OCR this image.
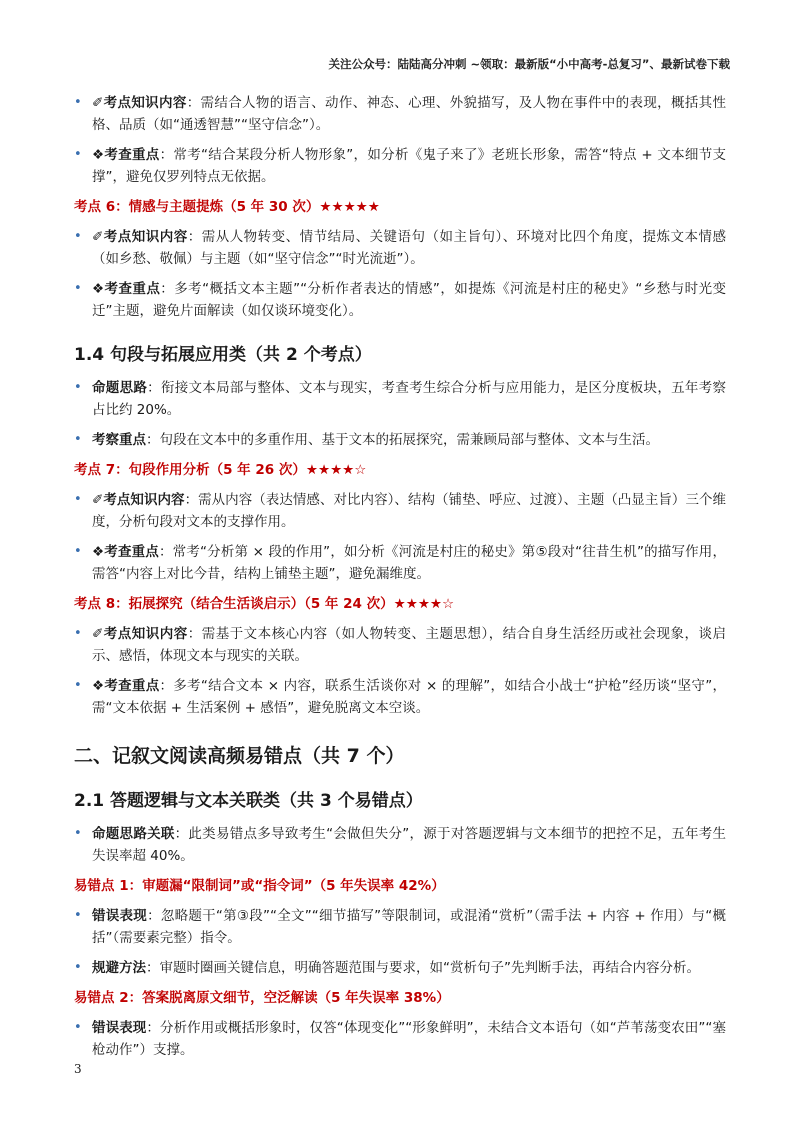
关注公众号：陆陆高分冲刺 ~领取：最新版“小中高考-总复习”、最新试卷下载
• ✐考点知识内容：需结合人物的语言、动作、神态、心理、外貌描写，及人物在事件中的表现，概括其性格、品质（如“通透智慧”“坚守信念”）。
• ❖考查重点：常考“结合某段分析人物形象”，如分析《鬼子来了》老班长形象，需答“特点 + 文本细节支撑”，避免仅罗列特点无依据。
考点 6：情感与主题提炼（5 年 30 次）★★★★★
• ✐考点知识内容：需从人物转变、情节结局、关键语句（如主旨句）、环境对比四个角度，提炼文本情感（如乡愁、敬佩）与主题（如“坚守信念”“时光流逝”）。
• ❖考查重点：多考“概括文本主题”“分析作者表达的情感”，如提炼《河流是村庄的秘史》“乡愁与时光变迁”主题，避免片面解读（如仅谈环境变化）。
1.4 句段与拓展应用类（共 2 个考点）
• 命题思路：衔接文本局部与整体、文本与现实，考查考生综合分析与应用能力，是区分度板块，五年考察占比约 20%。
• 考察重点：句段在文本中的多重作用、基于文本的拓展探究，需兼顾局部与整体、文本与生活。
考点 7：句段作用分析（5 年 26 次）★★★★☆
• ✐考点知识内容：需从内容（表达情感、对比内容）、结构（铺垫、呼应、过渡）、主题（凸显主旨）三个维度，分析句段对文本的支撑作用。
• ❖考查重点：常考“分析第 × 段的作用”，如分析《河流是村庄的秘史》第⑤段对“往昔生机”的描写作用，需答“内容上对比今昔，结构上铺垫主题”，避免漏维度。
考点 8：拓展探究（结合生活谈启示）（5 年 24 次）★★★★☆
• ✐考点知识内容：需基于文本核心内容（如人物转变、主题思想），结合自身生活经历或社会现象，谈启示、感悟，体现文本与现实的关联。
• ❖考查重点：多考“结合文本 × 内容，联系生活谈你对 × 的理解”，如结合小战士“护枪”经历谈“坚守”，需“文本依据 + 生活案例 + 感悟”，避免脱离文本空谈。
二、记叙文阅读高频易错点（共 7 个）
2.1 答题逻辑与文本关联类（共 3 个易错点）
• 命题思路关联：此类易错点多导致考生“会做但失分”，源于对答题逻辑与文本细节的把控不足，五年考生失误率超 40%。
易错点 1：审题漏“限制词”或“指令词”（5 年失误率 42%）
• 错误表现：忽略题干“第③段”“全文”“细节描写”等限制词，或混淆“赏析”（需手法 + 内容 + 作用）与“概括”（需要素完整）指令。
• 规避方法：审题时圈画关键信息，明确答题范围与要求，如“赏析句子”先判断手法，再结合内容分析。
易错点 2：答案脱离原文细节，空泛解读（5 年失误率 38%）
• 错误表现：分析作用或概括形象时，仅答“体现变化”“形象鲜明”，未结合文本语句（如“芦苇荡变农田”“塞枪动作”）支撑。
3
